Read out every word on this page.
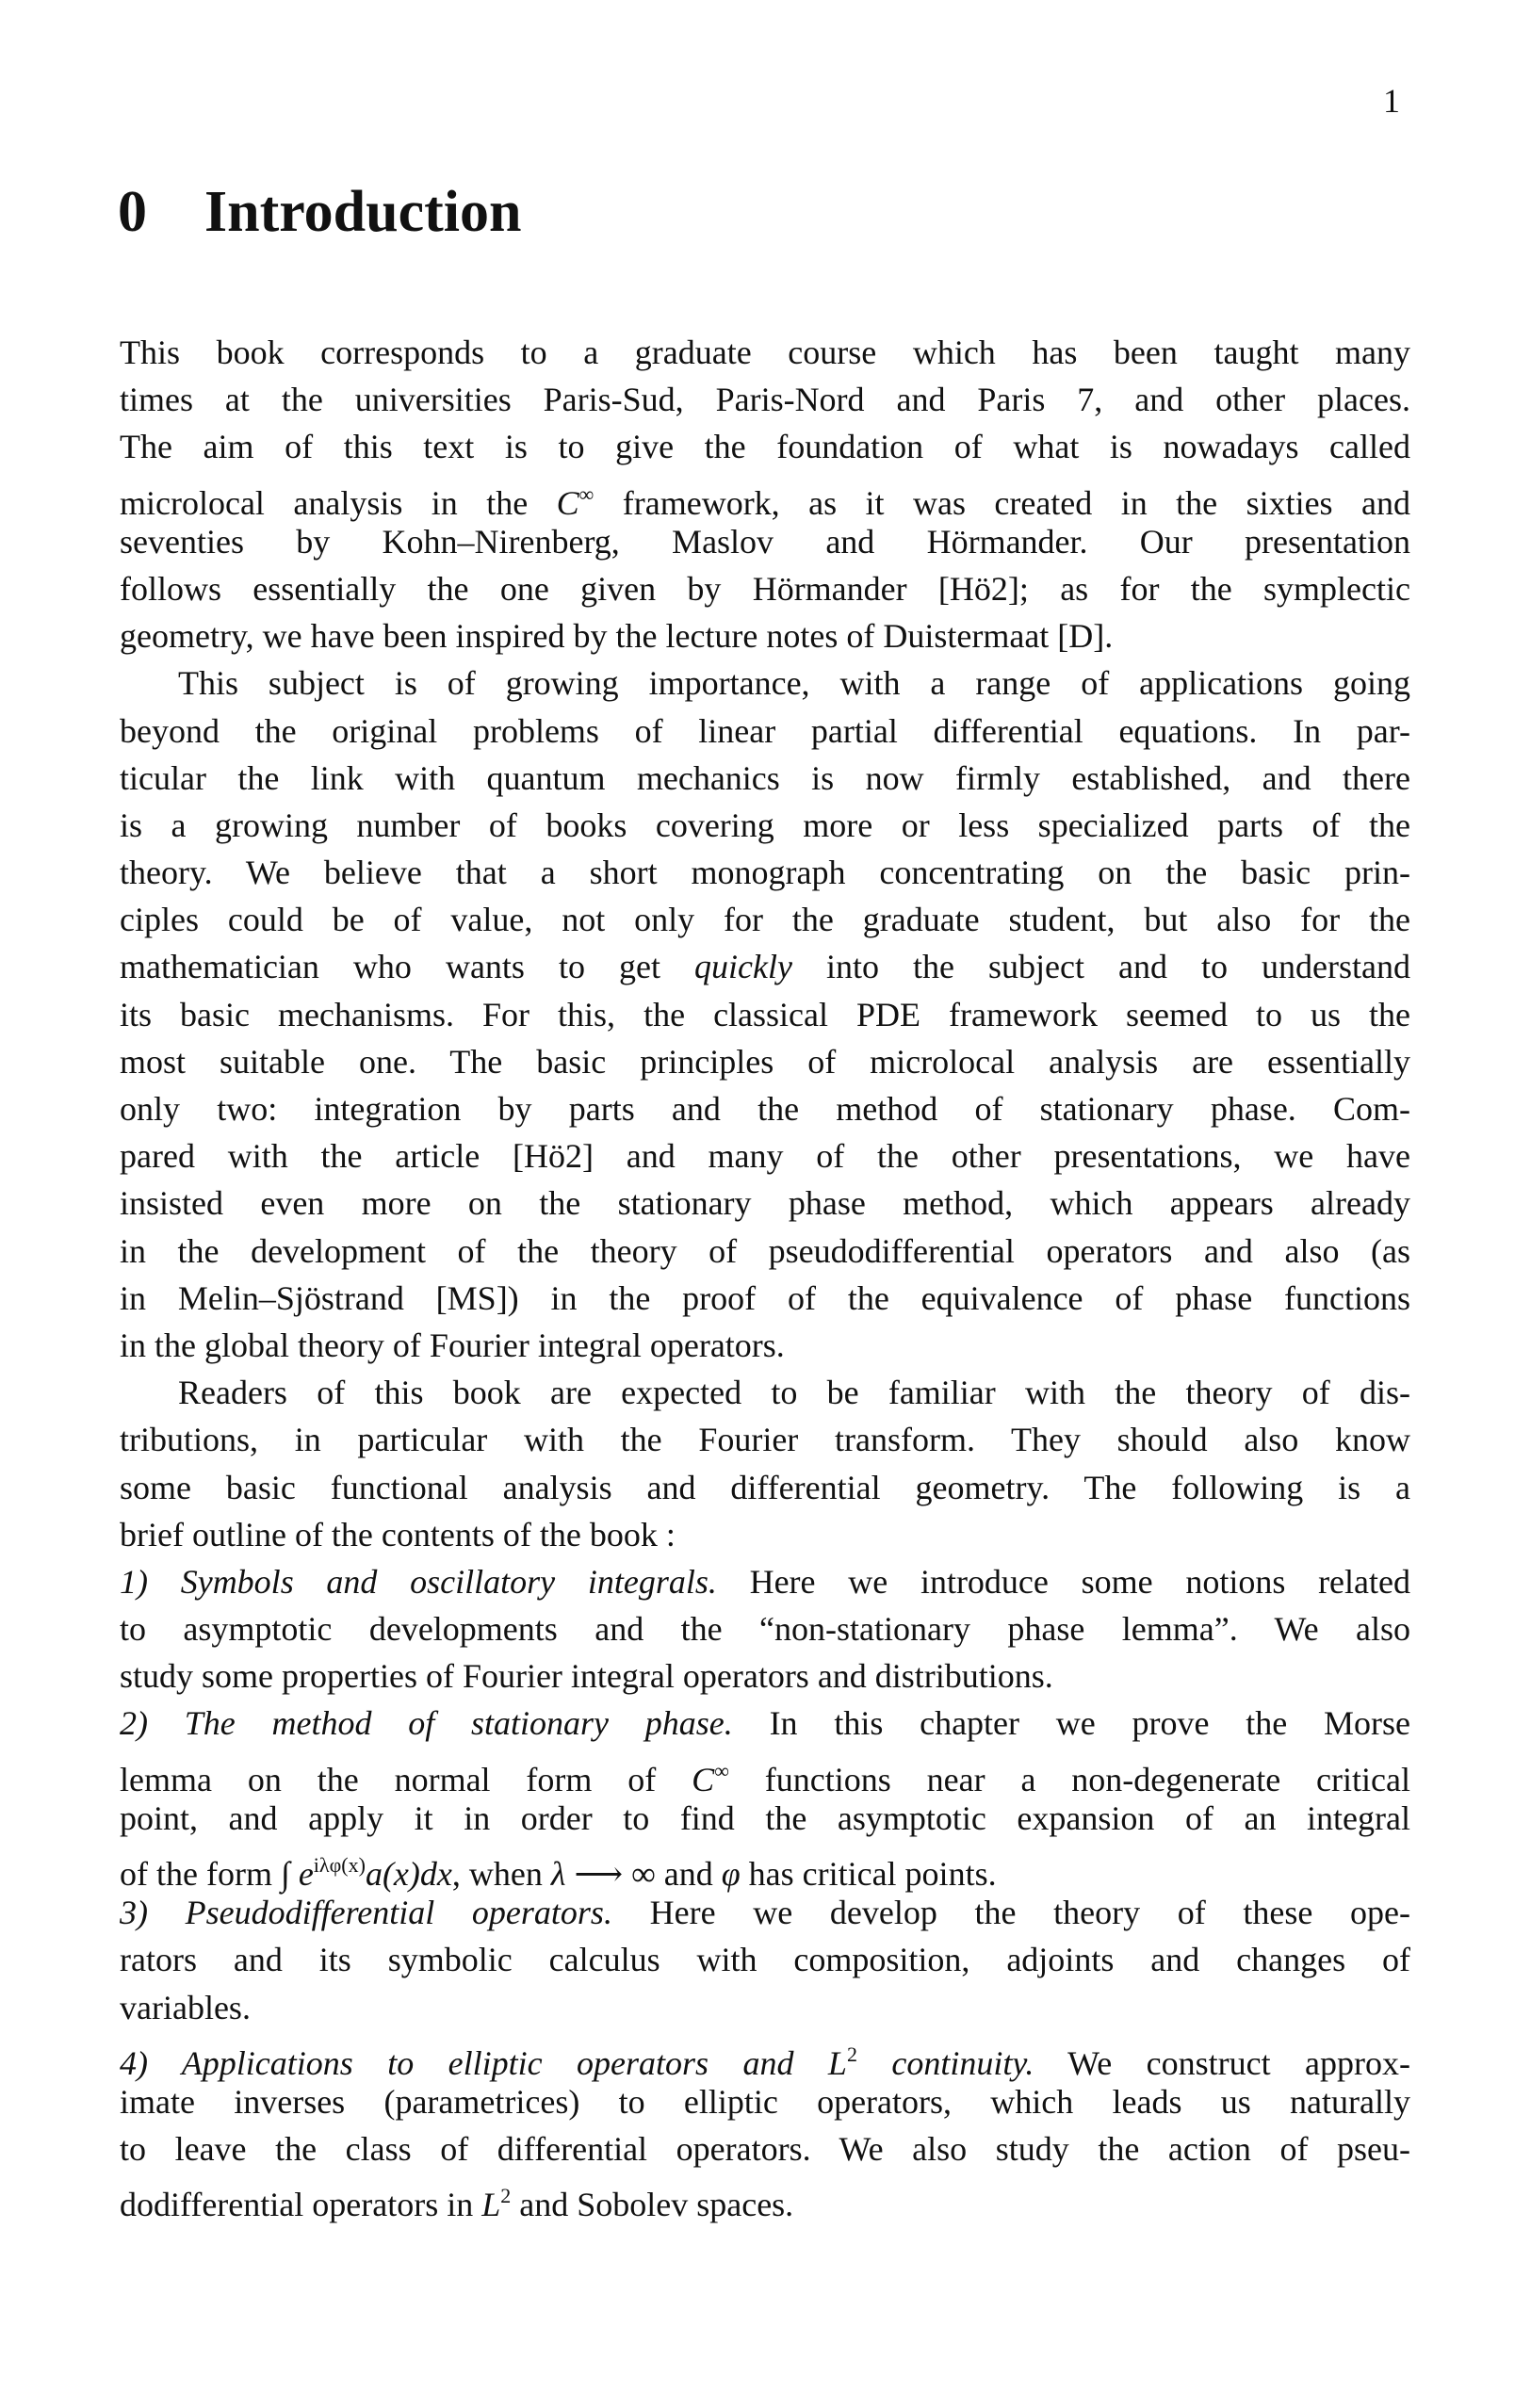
1
0 Introduction
This book corresponds to a graduate course which has been taught many
times at the universities Paris-Sud, Paris-Nord and Paris 7, and other places.
The aim of this text is to give the foundation of what is nowadays called
microlocal analysis in the C∞ framework, as it was created in the sixties and
seventies by Kohn–Nirenberg, Maslov and Hörmander. Our presentation
follows essentially the one given by Hörmander [Hö2]; as for the symplectic
geometry, we have been inspired by the lecture notes of Duistermaat [D].
This subject is of growing importance, with a range of applications going
beyond the original problems of linear partial differential equations. In par-
ticular the link with quantum mechanics is now firmly established, and there
is a growing number of books covering more or less specialized parts of the
theory. We believe that a short monograph concentrating on the basic prin-
ciples could be of value, not only for the graduate student, but also for the
mathematician who wants to get quickly into the subject and to understand
its basic mechanisms. For this, the classical PDE framework seemed to us the
most suitable one. The basic principles of microlocal analysis are essentially
only two: integration by parts and the method of stationary phase. Com-
pared with the article [Hö2] and many of the other presentations, we have
insisted even more on the stationary phase method, which appears already
in the development of the theory of pseudodifferential operators and also (as
in Melin–Sjöstrand [MS]) in the proof of the equivalence of phase functions
in the global theory of Fourier integral operators.
Readers of this book are expected to be familiar with the theory of dis-
tributions, in particular with the Fourier transform. They should also know
some basic functional analysis and differential geometry. The following is a
brief outline of the contents of the book :
1) Symbols and oscillatory integrals. Here we introduce some notions related
to asymptotic developments and the “non-stationary phase lemma”. We also
study some properties of Fourier integral operators and distributions.
2) The method of stationary phase. In this chapter we prove the Morse
lemma on the normal form of C∞ functions near a non-degenerate critical
point, and apply it in order to find the asymptotic expansion of an integral
of the form ∫ $e^{i\lambda\varphi(x)}a(x)dx$, when λ ⟶ ∞ and φ has critical points.
3) Pseudodifferential operators. Here we develop the theory of these ope-
rators and its symbolic calculus with composition, adjoints and changes of
variables.
4) Applications to elliptic operators and $L^2$ continuity. We construct approx-
imate inverses (parametrices) to elliptic operators, which leads us naturally
to leave the class of differential operators. We also study the action of pseu-
dodifferential operators in $L^2$ and Sobolev spaces.
